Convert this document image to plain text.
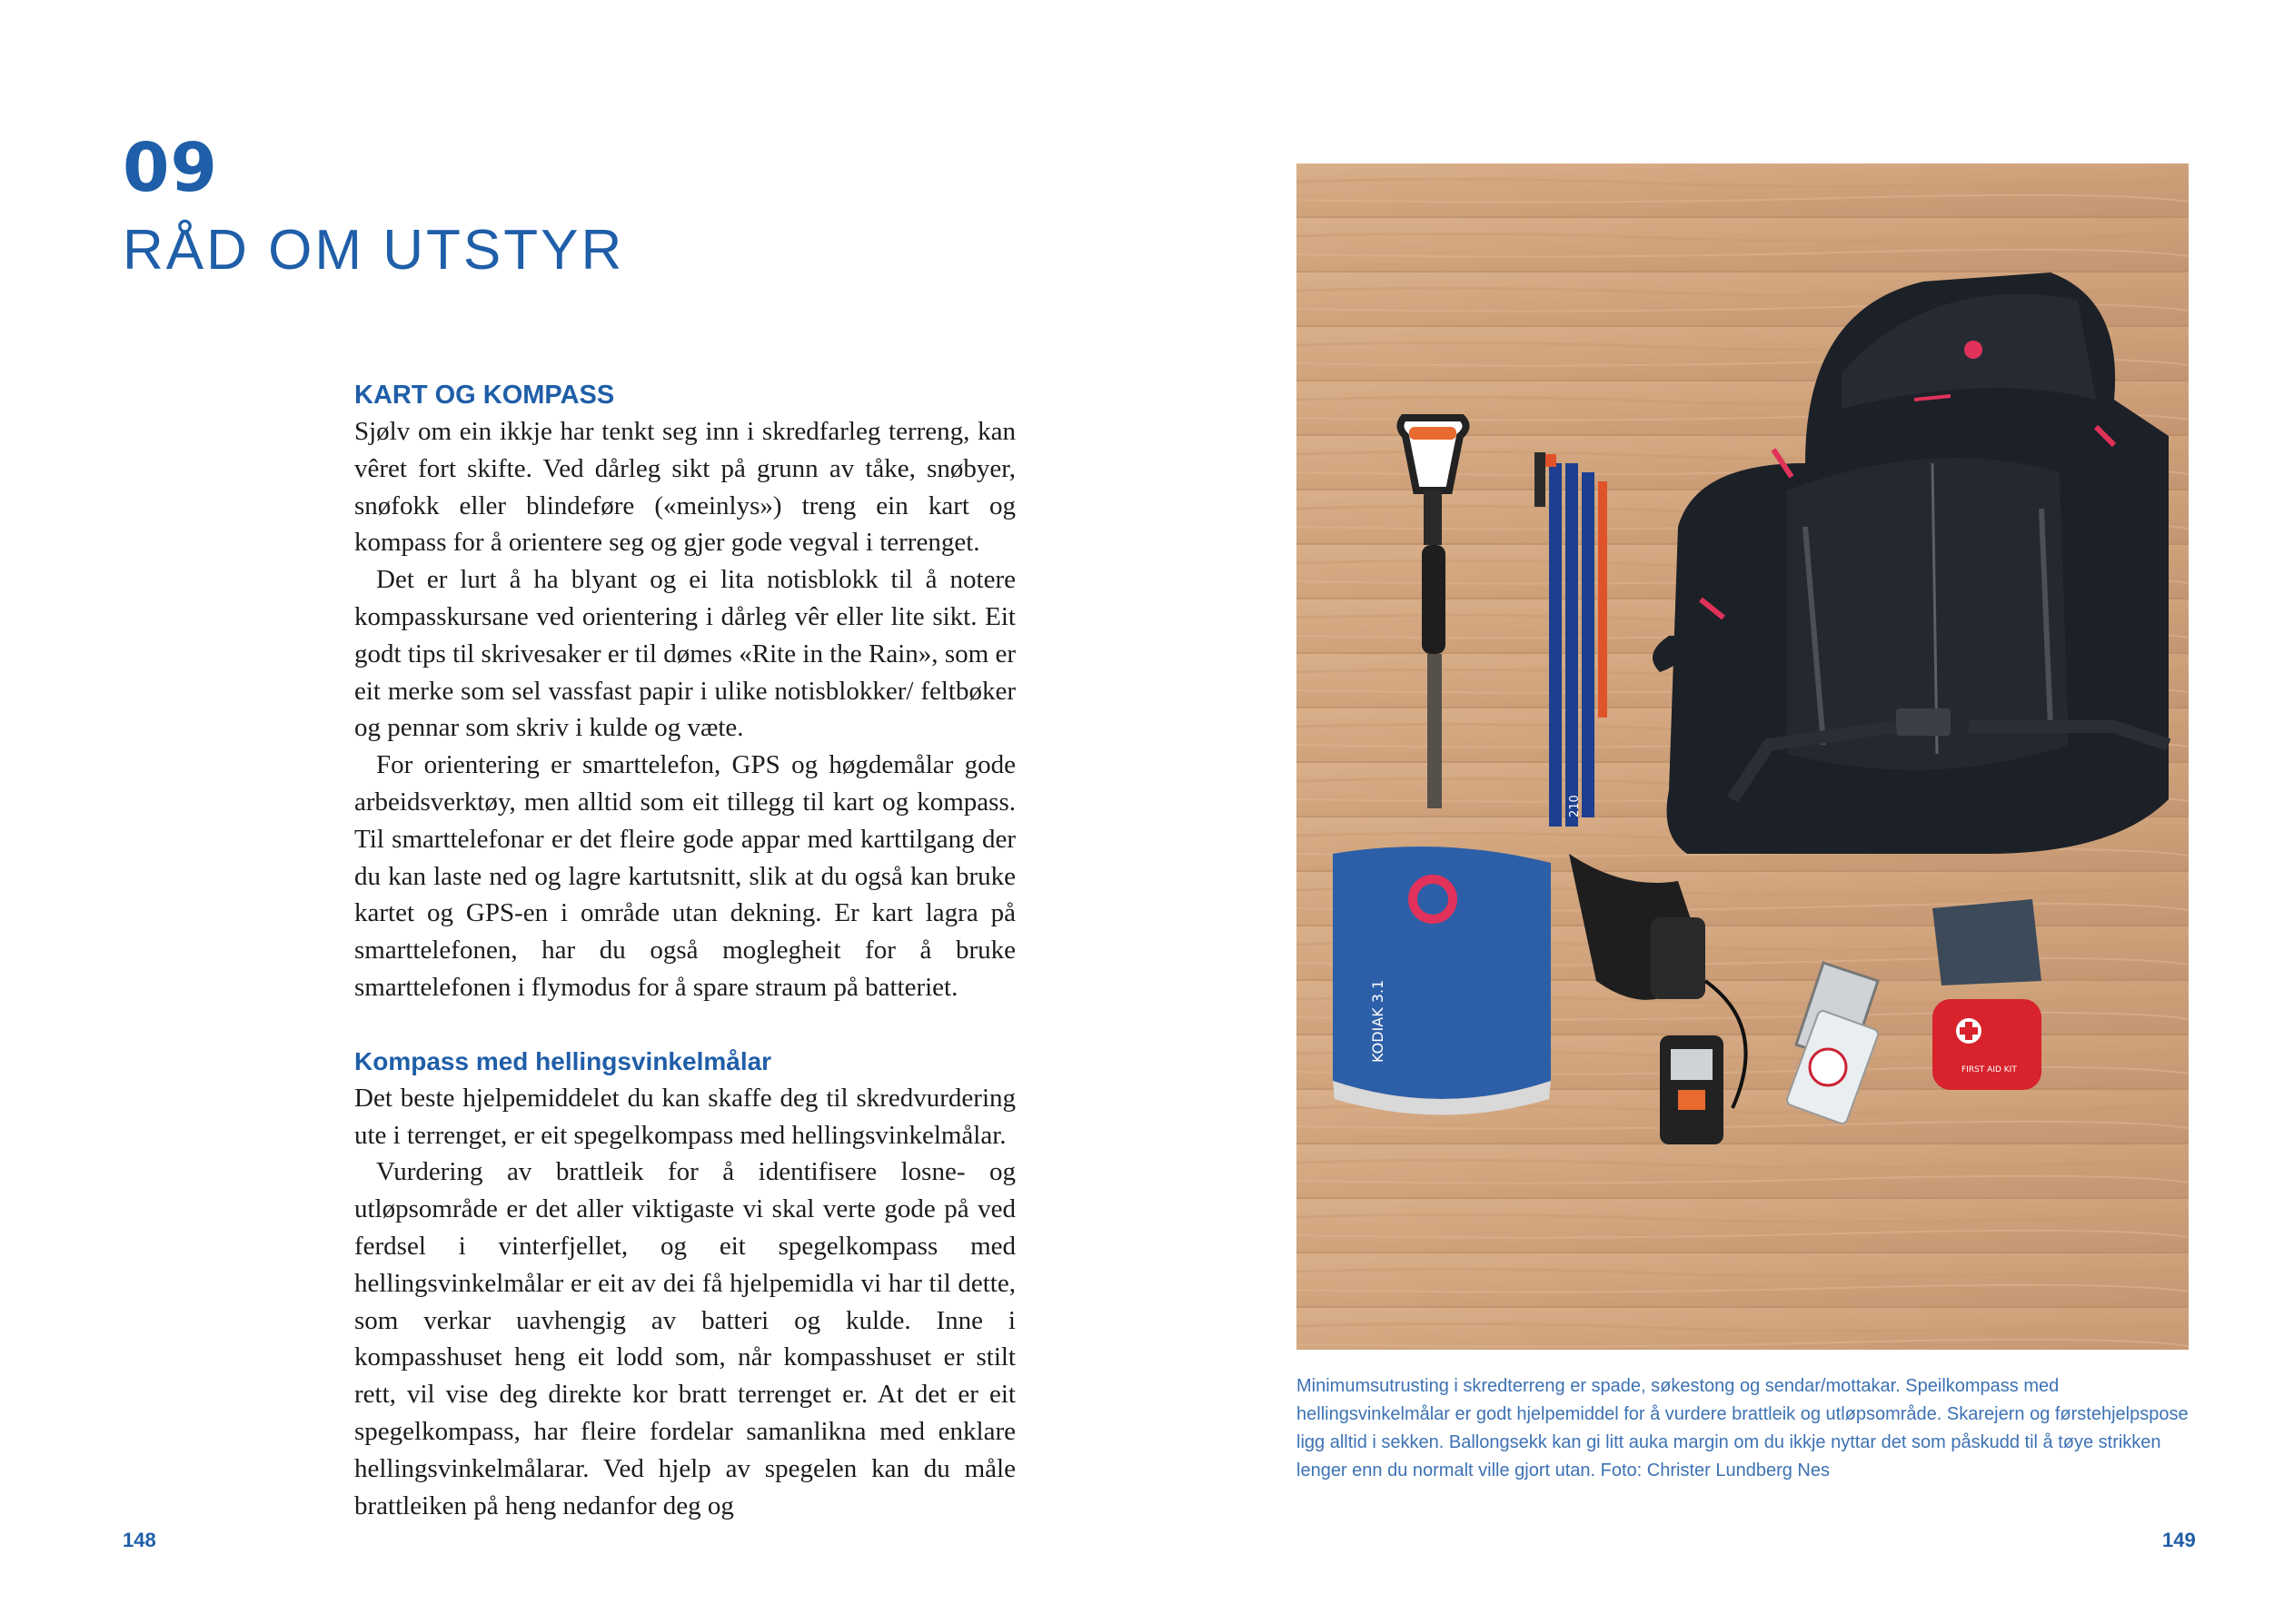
09
RÅD OM UTSTYR
KART OG KOMPASS

Sjølv om ein ikkje har tenkt seg inn i skredfarleg terreng, kan vêret fort skifte. Ved dårleg sikt på grunn av tåke, snøbyer, snøfokk eller blindeføre («meinlys») treng ein kart og kompass for å orientere seg og gjer gode vegval i terrenget.

Det er lurt å ha blyant og ei lita notisblokk til å notere kompasskursane ved orientering i dårleg vêr eller lite sikt. Eit godt tips til skrivesaker er til dømes «Rite in the Rain», som er eit merke som sel vassfast papir i ulike notisblokker/ feltbøker og pennar som skriv i kulde og væte.

For orientering er smarttelefon, GPS og høgdemålar gode arbeidsverktøy, men alltid som eit tillegg til kart og kompass. Til smarttelefonar er det fleire gode appar med karttilgang der du kan laste ned og lagre kartutsnitt, slik at du også kan bruke kartet og GPS-en i område utan dekning. Er kart lagra på smarttelefonen, har du også moglegheit for å bruke smarttelefonen i flymodus for å spare straum på batteriet.

Kompass med hellingsvinkelmålar

Det beste hjelpemiddelet du kan skaffe deg til skredvurdering ute i terrenget, er eit spegelkompass med hellingsvinkelmålar.

Vurdering av brattleik for å identifisere losne- og utløpsområde er det aller viktigaste vi skal verte gode på ved ferdsel i vinterfjellet, og eit spegelkompass med hellingsvinkelmålar er eit av dei få hjelpemidla vi har til dette, som verkar uavhengig av batteri og kulde. Inne i kompasshuset heng eit lodd som, når kompasshuset er stilt rett, vil vise deg direkte kor bratt terrenget er. At det er eit spegelkompass, har fleire fordelar samanlikna med enklare hellingsvinkelmålarar. Ved hjelp av spegelen kan du måle brattleiken på heng nedanfor deg og

148
210
KODIAK 3.1
FIRST AID KIT
Minimumsutrusting i skredterreng er spade, søkestong og sendar/mottakar. Speilkompass med hellingsvinkelmålar er godt hjelpemiddel for å vurdere brattleik og utløpsområde. Skarejern og førstehjelpspose ligg alltid i sekken. Ballongsekk kan gi litt auka margin om du ikkje nyttar det som påskudd til å tøye strikken lenger enn du normalt ville gjort utan. Foto: Christer Lundberg Nes
149
